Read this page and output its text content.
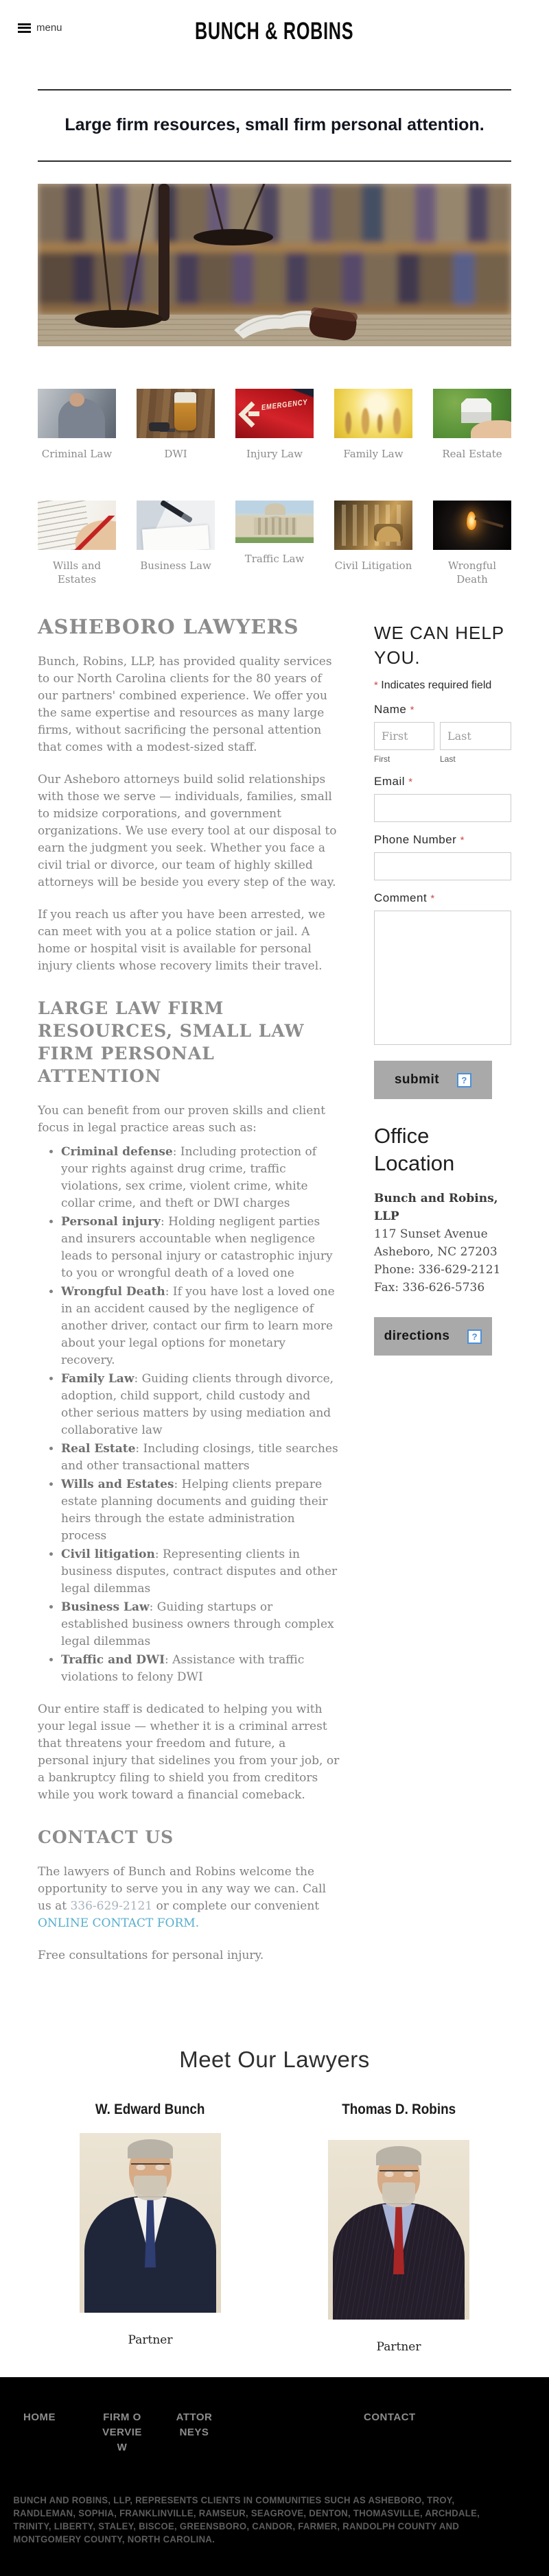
menu	BUNCH & ROBINS
Large firm resources, small firm personal attention.
Criminal Law	DWI
EMERGENCY
Injury Law	Family Law	Real Estate
Wills and Estates
Business Law
Traffic Law
Civil Litigation	Wrongful Death
ASHEBORO LAWYERS

Bunch, Robins, LLP, has provided quality services to our North Carolina clients for the 80 years of our partners' combined experience. We offer you the same expertise and resources as many large firms, without sacrificing the personal attention that comes with a modest-sized staff.

Our Asheboro attorneys build solid relationships with those we serve — individuals, families, small to midsize corporations, and government organizations. We use every tool at our disposal to earn the judgment you seek. Whether you face a civil trial or divorce, our team of highly skilled attorneys will be beside you every step of the way.

If you reach us after you have been arrested, we can meet with you at a police station or jail. A home or hospital visit is available for personal injury clients whose recovery limits their travel.

LARGE LAW FIRM RESOURCES, SMALL LAW FIRM PERSONAL ATTENTION

You can benefit from our proven skills and client focus in legal practice areas such as:

• Criminal defense: Including protection of your rights against drug crime, traffic violations, sex crime, violent crime, white collar crime, and theft or DWI charges
• Personal injury: Holding negligent parties and insurers accountable when negligence leads to personal injury or catastrophic injury to you or wrongful death of a loved one
• Wrongful Death: If you have lost a loved one in an accident caused by the negligence of another driver, contact our firm to learn more about your legal options for monetary recovery.
• Family Law: Guiding clients through divorce, adoption, child support, child custody and other serious matters by using mediation and collaborative law
• Real Estate: Including closings, title searches and other transactional matters
• Wills and Estates: Helping clients prepare estate planning documents and guiding their heirs through the estate administration process
• Civil litigation: Representing clients in business disputes, contract disputes and other legal dilemmas
• Business Law: Guiding startups or established business owners through complex legal dilemmas
• Traffic and DWI: Assistance with traffic violations to felony DWI

Our entire staff is dedicated to helping you with your legal issue — whether it is a criminal arrest that threatens your freedom and future, a personal injury that sidelines you from your job, or a bankruptcy filing to shield you from creditors while you work toward a financial comeback.

CONTACT US

The lawyers of Bunch and Robins welcome the opportunity to serve you in any way we can. Call us at 336-629-2121 or complete our convenient ONLINE CONTACT FORM.

Free consultations for personal injury.

WE CAN HELP YOU.
* Indicates required field
Name *
First
First
Last	Last
Email *
Phone Number *
Comment *
submit	?
Office Location
Bunch and Robins, LLP
117 Sunset Avenue
Asheboro, NC 27203
Phone: 336-629-2121
Fax: 336-626-5736
directions	?
Meet Our Lawyers
W. Edward Bunch
Partner
Thomas D. Robins
Partner
HOME	FIRM OVERVIEW
ATTORNEYS
CONTACT
BUNCH AND ROBINS, LLP, REPRESENTS CLIENTS IN COMMUNITIES SUCH AS ASHEBORO, TROY, RANDLEMAN, SOPHIA, FRANKLINVILLE, RAMSEUR, SEAGROVE, DENTON, THOMASVILLE, ARCHDALE, TRINITY, LIBERTY, STALEY, BISCOE, GREENSBORO, CANDOR, FARMER, RANDOLPH COUNTY AND MONTGOMERY COUNTY, NORTH CAROLINA.
